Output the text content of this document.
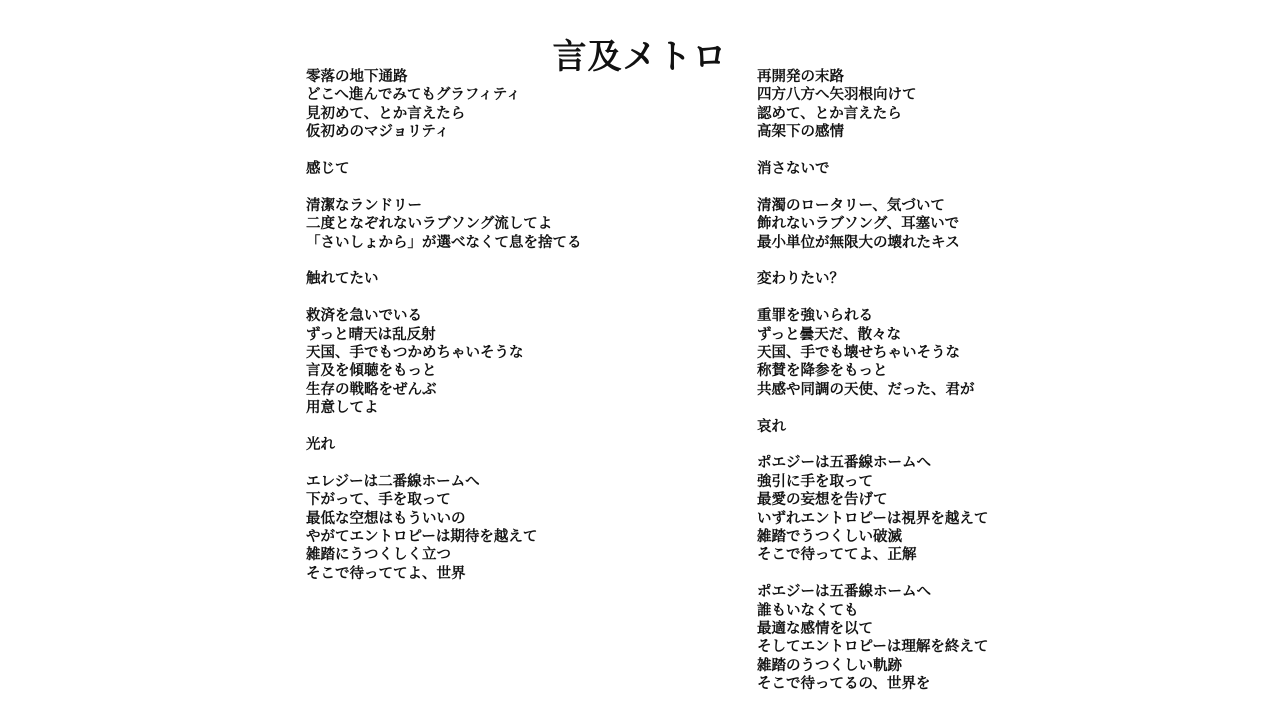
言及メトロ
零落の地下通路
どこへ進んでみてもグラフィティ
見初めて、とか言えたら
仮初めのマジョリティ
感じて
清潔なランドリー
二度となぞれないラブソング流してよ
「さいしょから」が選べなくて息を捨てる
触れてたい
救済を急いでいる
ずっと晴天は乱反射
天国、手でもつかめちゃいそうな
言及を傾聴をもっと
生存の戦略をぜんぶ
用意してよ
光れ
エレジーは二番線ホームへ
下がって、手を取って
最低な空想はもういいの
やがてエントロピーは期待を越えて
雑踏にうつくしく立つ
そこで待っててよ、世界
再開発の末路
四方八方へ矢羽根向けて
認めて、とか言えたら
高架下の感情
消さないで
清濁のロータリー、気づいて
飾れないラブソング、耳塞いで
最小単位が無限大の壊れたキス
変わりたい？
重罪を強いられる
ずっと曇天だ、散々な
天国、手でも壊せちゃいそうな
称賛を降参をもっと
共感や同調の天使、だった、君が
哀れ
ポエジーは五番線ホームへ
強引に手を取って
最愛の妄想を告げて
いずれエントロピーは視界を越えて
雑踏でうつくしい破滅
そこで待っててよ、正解
ポエジーは五番線ホームへ
誰もいなくても
最適な感情を以て
そしてエントロピーは理解を終えて
雑踏のうつくしい軌跡
そこで待ってるの、世界を
